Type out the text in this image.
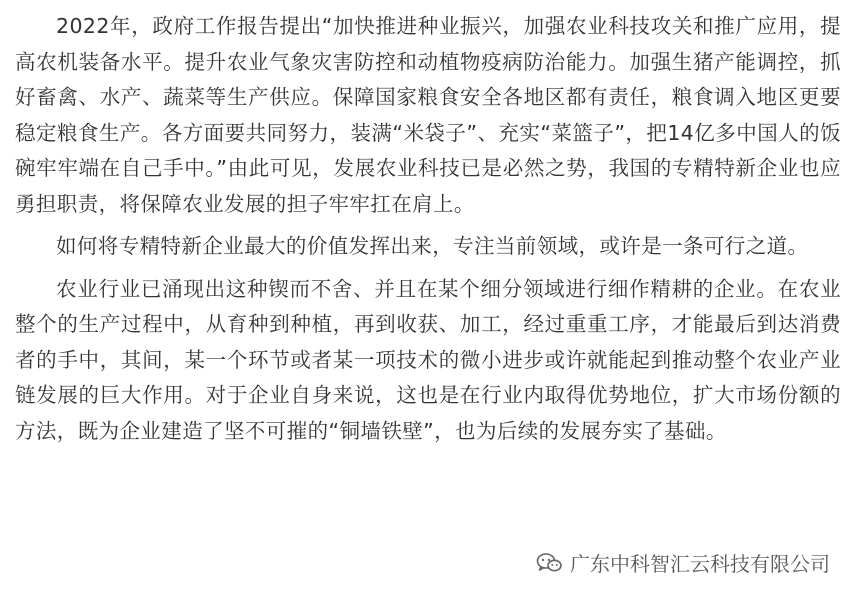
2022年，政府工作报告提出“加快推进种业振兴，加强农业科技攻关和推广应用，提高农机装备水平。提升农业气象灾害防控和动植物疫病防治能力。加强生猪产能调控，抓好畜禽、水产、蔬菜等生产供应。保障国家粮食安全各地区都有责任，粮食调入地区更要稳定粮食生产。各方面要共同努力，装满“米袋子”、充实“菜篮子”，把14亿多中国人的饭碗牢牢端在自己手中。”由此可见，发展农业科技已是必然之势，我国的专精特新企业也应勇担职责，将保障农业发展的担子牢牢扛在肩上。

如何将专精特新企业最大的价值发挥出来，专注当前领域，或许是一条可行之道。

农业行业已涌现出这种锲而不舍、并且在某个细分领域进行细作精耕的企业。在农业整个的生产过程中，从育种到种植，再到收获、加工，经过重重工序，才能最后到达消费者的手中，其间，某一个环节或者某一项技术的微小进步或许就能起到推动整个农业产业链发展的巨大作用。对于企业自身来说，这也是在行业内取得优势地位，扩大市场份额的方法，既为企业建造了坚不可摧的“铜墙铁壁”，也为后续的发展夯实了基础。

广东中科智汇云科技有限公司
